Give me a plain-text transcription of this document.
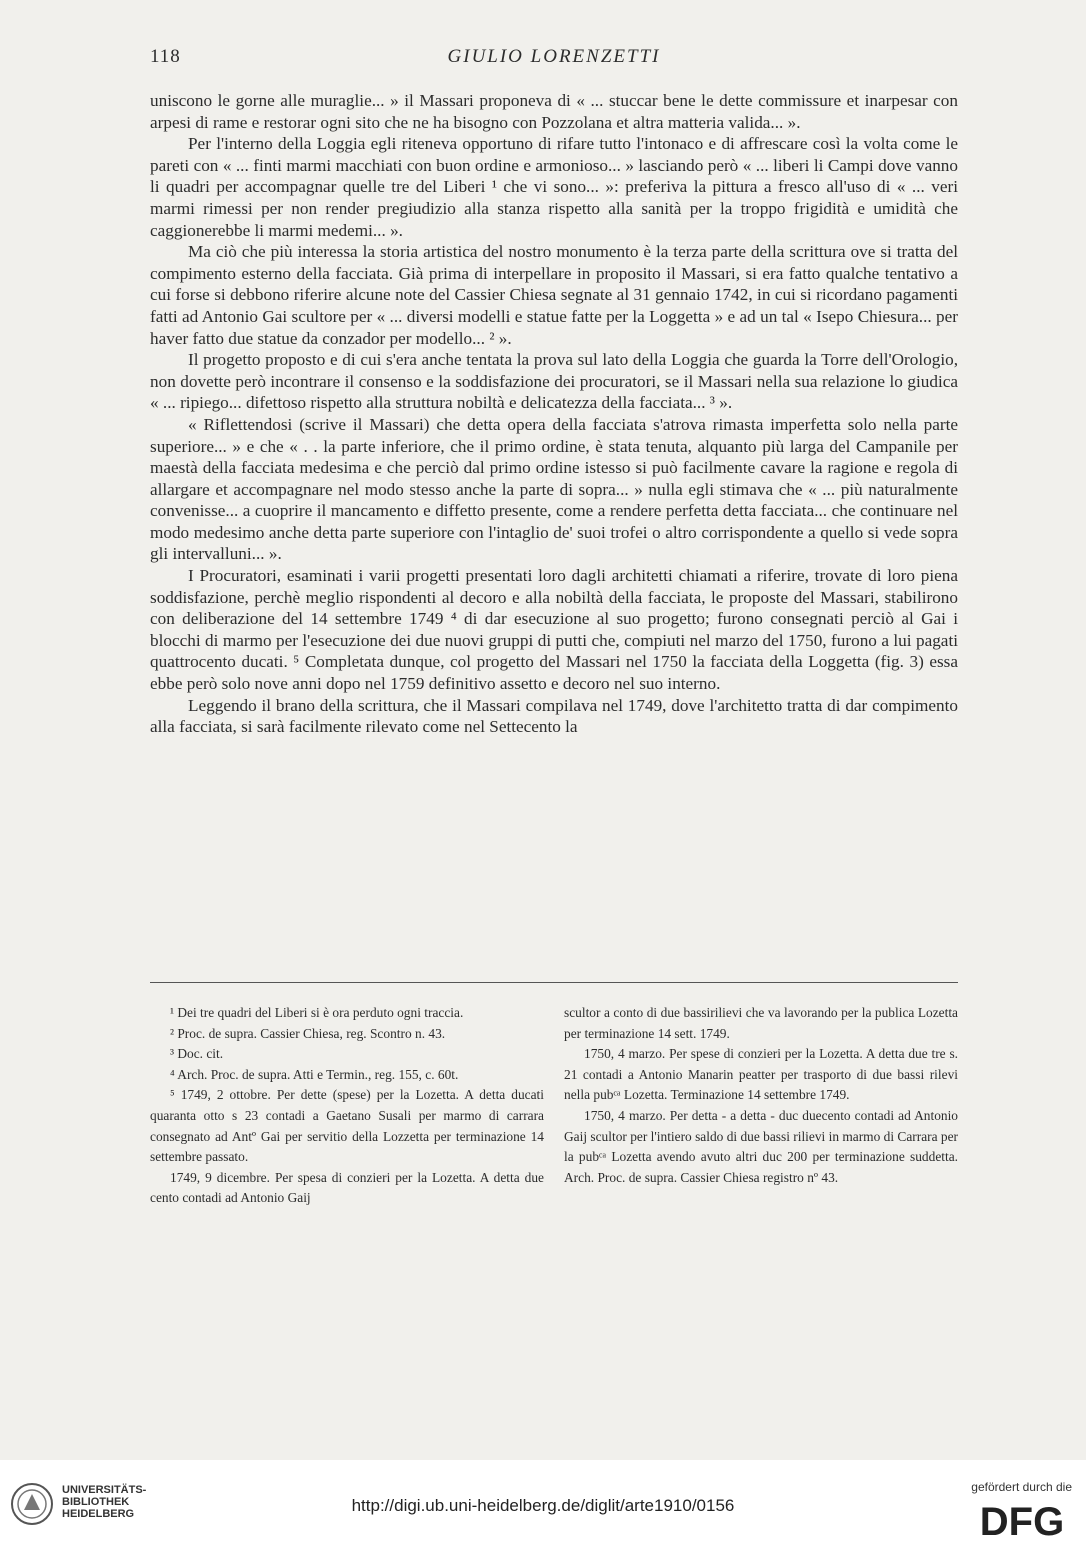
118	GIULIO LORENZETTI

uniscono le gorne alle muraglie... » il Massari proponeva di « ... stuccar bene le dette commissure et inarpesar con arpesi di rame e restorar ogni sito che ne ha bisogno con Pozzolana et altra matteria valida... ».

Per l'interno della Loggia egli riteneva opportuno di rifare tutto l'intonaco e di affrescare così la volta come le pareti con « ... finti marmi macchiati con buon ordine e armonioso... » lasciando però « ... liberi li Campi dove vanno li quadri per accompagnar quelle tre del Liberi ¹ che vi sono... »: preferiva la pittura a fresco all'uso di « ... veri marmi rimessi per non render pregiudizio alla stanza rispetto alla sanità per la troppo frigidità e umidità che caggionerebbe li marmi medemi... ».

Ma ciò che più interessa la storia artistica del nostro monumento è la terza parte della scrittura ove si tratta del compimento esterno della facciata. Già prima di interpellare in proposito il Massari, si era fatto qualche tentativo a cui forse si debbono riferire alcune note del Cassier Chiesa segnate al 31 gennaio 1742, in cui si ricordano pagamenti fatti ad Antonio Gai scultore per « ... diversi modelli e statue fatte per la Loggetta » e ad un tal « Isepo Chiesura... per haver fatto due statue da conzador per modello... ² ».

Il progetto proposto e di cui s'era anche tentata la prova sul lato della Loggia che guarda la Torre dell'Orologio, non dovette però incontrare il consenso e la soddisfazione dei procuratori, se il Massari nella sua relazione lo giudica « ... ripiego... difettoso rispetto alla struttura nobiltà e delicatezza della facciata... ³ ».

« Riflettendosi (scrive il Massari) che detta opera della facciata s'atrova rimasta imperfetta solo nella parte superiore... » e che « . . la parte inferiore, che il primo ordine, è stata tenuta, alquanto più larga del Campanile per maestà della facciata medesima e che perciò dal primo ordine istesso si può facilmente cavare la ragione e regola di allargare et accompagnare nel modo stesso anche la parte di sopra... » nulla egli stimava che « ... più naturalmente convenisse... a cuoprire il mancamento e diffetto presente, come a rendere perfetta detta facciata... che continuare nel modo medesimo anche detta parte superiore con l'intaglio de' suoi trofei o altro corrispondente a quello si vede sopra gli intervalluni... ».

I Procuratori, esaminati i varii progetti presentati loro dagli architetti chiamati a riferire, trovate di loro piena soddisfazione, perchè meglio rispondenti al decoro e alla nobiltà della facciata, le proposte del Massari, stabilirono con deliberazione del 14 settembre 1749 ⁴ di dar esecuzione al suo progetto; furono consegnati perciò al Gai i blocchi di marmo per l'esecuzione dei due nuovi gruppi di putti che, compiuti nel marzo del 1750, furono a lui pagati quattrocento ducati. ⁵ Completata dunque, col progetto del Massari nel 1750 la facciata della Loggetta (fig. 3) essa ebbe però solo nove anni dopo nel 1759 definitivo assetto e decoro nel suo interno.

Leggendo il brano della scrittura, che il Massari compilava nel 1749, dove l'architetto tratta di dar compimento alla facciata, si sarà facilmente rilevato come nel Settecento la

¹ Dei tre quadri del Liberi si è ora perduto ogni traccia.

² Proc. de supra. Cassier Chiesa, reg. Scontro n. 43.

³ Doc. cit.

⁴ Arch. Proc. de supra. Atti e Termin., reg. 155, c. 60t.

⁵ 1749, 2 ottobre. Per dette (spese) per la Lozetta. A detta ducati quaranta otto s 23 contadi a Gaetano Susali per marmo di carrara consegnato ad Antº Gai per servitio della Lozzetta per terminazione 14 settembre passato.

1749, 9 dicembre. Per spesa di conzieri per la Lozetta. A detta due cento contadi ad Antonio Gaij

scultor a conto di due bassirilievi che va lavorando per la publica Lozetta per terminazione 14 sett. 1749.

1750, 4 marzo. Per spese di conzieri per la Lozetta. A detta due tre s. 21 contadi a Antonio Manarin peatter per trasporto di due bassi rilevi nella pubᶜᵃ Lozetta. Terminazione 14 settembre 1749.

1750, 4 marzo. Per detta - a detta - duc duecento contadi ad Antonio Gaij scultor per l'intiero saldo di due bassi rilievi in marmo di Carrara per la pubᶜᵃ Lozetta avendo avuto altri duc 200 per terminazione suddetta. Arch. Proc. de supra. Cassier Chiesa registro nº 43.

UNIVERSITÄTS-
BIBLIOTHEK
HEIDELBERG	http://digi.ub.uni-heidelberg.de/diglit/arte1910/0156
gefördert durch die
DFG
